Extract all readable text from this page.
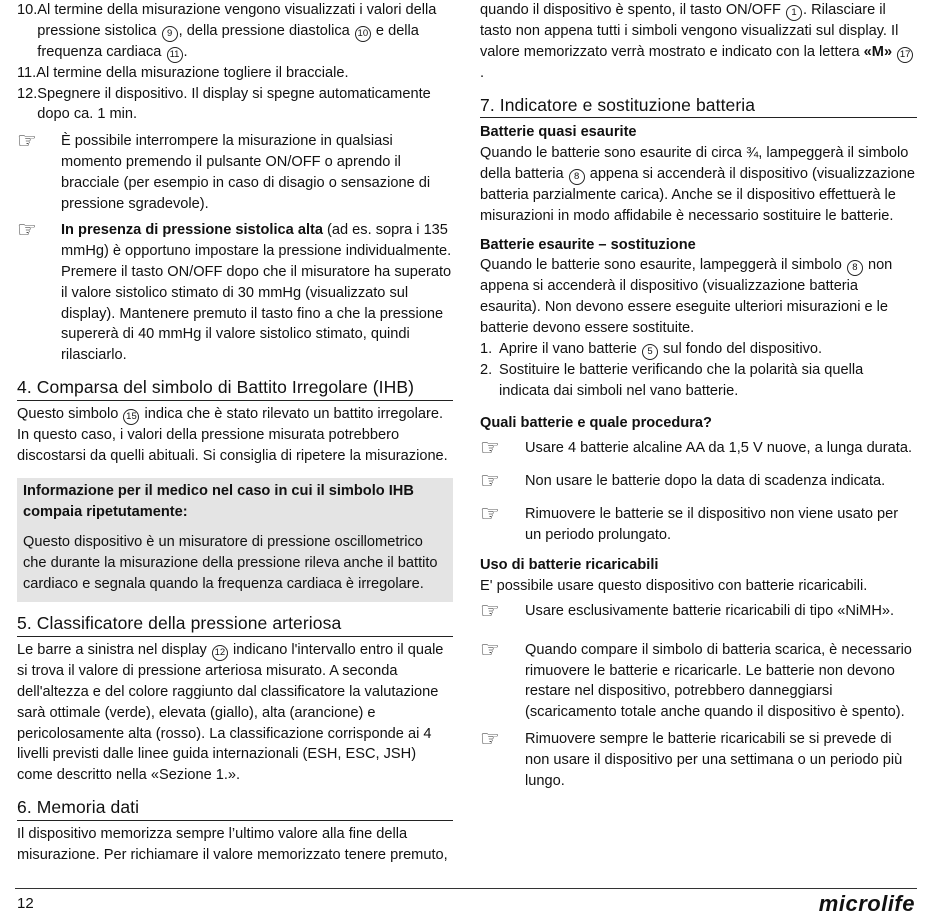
10. Al termine della misurazione vengono visualizzati i valori della pressione sistolica 9 , della pressione diastolica 10 e della frequenza cardiaca 11 .
11. Al termine della misurazione togliere il bracciale.
12. Spegnere il dispositivo. Il display si spegne automaticamente dopo ca. 1 min.
☞	È possibile interrompere la misurazione in qualsiasi momento premendo il pulsante ON/OFF o aprendo il bracciale (per esempio in caso di disagio o sensazione di pressione sgradevole).
☞	In presenza di pressione sistolica alta (ad es. sopra i 135 mmHg) è opportuno impostare la pressione individualmente. Premere il tasto ON/OFF dopo che il misuratore ha superato il valore sistolico stimato di 30 mmHg (visualizzato sul display). Mantenere premuto il tasto fino a che la pressione supererà di 40 mmHg il valore sistolico stimato, quindi rilasciarlo.
4. Comparsa del simbolo di Battito Irregolare (IHB)

Questo simbolo 15 indica che è stato rilevato un battito irregolare. In questo caso, i valori della pressione misurata potrebbero discostarsi da quelli abituali. Si consiglia di ripetere la misurazione.

Informazione per il medico nel caso in cui il simbolo IHB compaia ripetutamente:

Questo dispositivo è un misuratore di pressione oscillometrico che durante la misurazione della pressione rileva anche il battito cardiaco e segnala quando la frequenza cardiaca è irregolare.

5. Classificatore della pressione arteriosa

Le barre a sinistra nel display 12 indicano l'intervallo entro il quale si trova il valore di pressione arteriosa misurato. A seconda dell'altezza e del colore raggiunto dal classificatore la valutazione sarà ottimale (verde), elevata (giallo), alta (arancione) e pericolosamente alta (rosso). La classificazione corrisponde ai 4 livelli previsti dalle linee guida internazionali (ESH, ESC, JSH) come descritto nella «Sezione 1.».

6. Memoria dati

Il dispositivo memorizza sempre l’ultimo valore alla fine della misurazione. Per richiamare il valore memorizzato tenere premuto,

quando il dispositivo è spento, il tasto ON/OFF 1 . Rilasciare il tasto non appena tutti i simboli vengono visualizzati sul display. Il valore memorizzato verrà mostrato e indicato con la lettera «M» 17.

7. Indicatore e sostituzione batteria
Batterie quasi esaurite

Quando le batterie sono esaurite di circa ¾, lampeggerà il simbolo della batteria 8 appena si accenderà il dispositivo (visualizzazione batteria parzialmente carica). Anche se il dispositivo effettuerà le misurazioni in modo affidabile è necessario sostituire le batterie.

Batterie esaurite – sostituzione

Quando le batterie sono esaurite, lampeggerà il simbolo 8 non appena si accenderà il dispositivo (visualizzazione batteria esaurita). Non devono essere eseguite ulteriori misurazioni e le batterie devono essere sostituite.

1. Aprire il vano batterie 5 sul fondo del dispositivo.
2. Sostituire le batterie verificando che la polarità sia quella indicata dai simboli nel vano batterie.
Quali batterie e quale procedura?
☞	Usare 4 batterie alcaline AA da 1,5 V nuove, a lunga durata.
☞	Non usare le batterie dopo la data di scadenza indicata.
☞	Rimuovere le batterie se il dispositivo non viene usato per un periodo prolungato.
Uso di batterie ricaricabili

E' possibile usare questo dispositivo con batterie ricaricabili.

☞	Usare esclusivamente batterie ricaricabili di tipo «NiMH».
☞	Quando compare il simbolo di batteria scarica, è necessario rimuovere le batterie e ricaricarle. Le batterie non devono restare nel dispositivo, potrebbero danneggiarsi (scaricamento totale anche quando il dispositivo è spento).
☞	Rimuovere sempre le batterie ricaricabili se si prevede di non usare il dispositivo per una settimana o un periodo più lungo.
12	microlife
